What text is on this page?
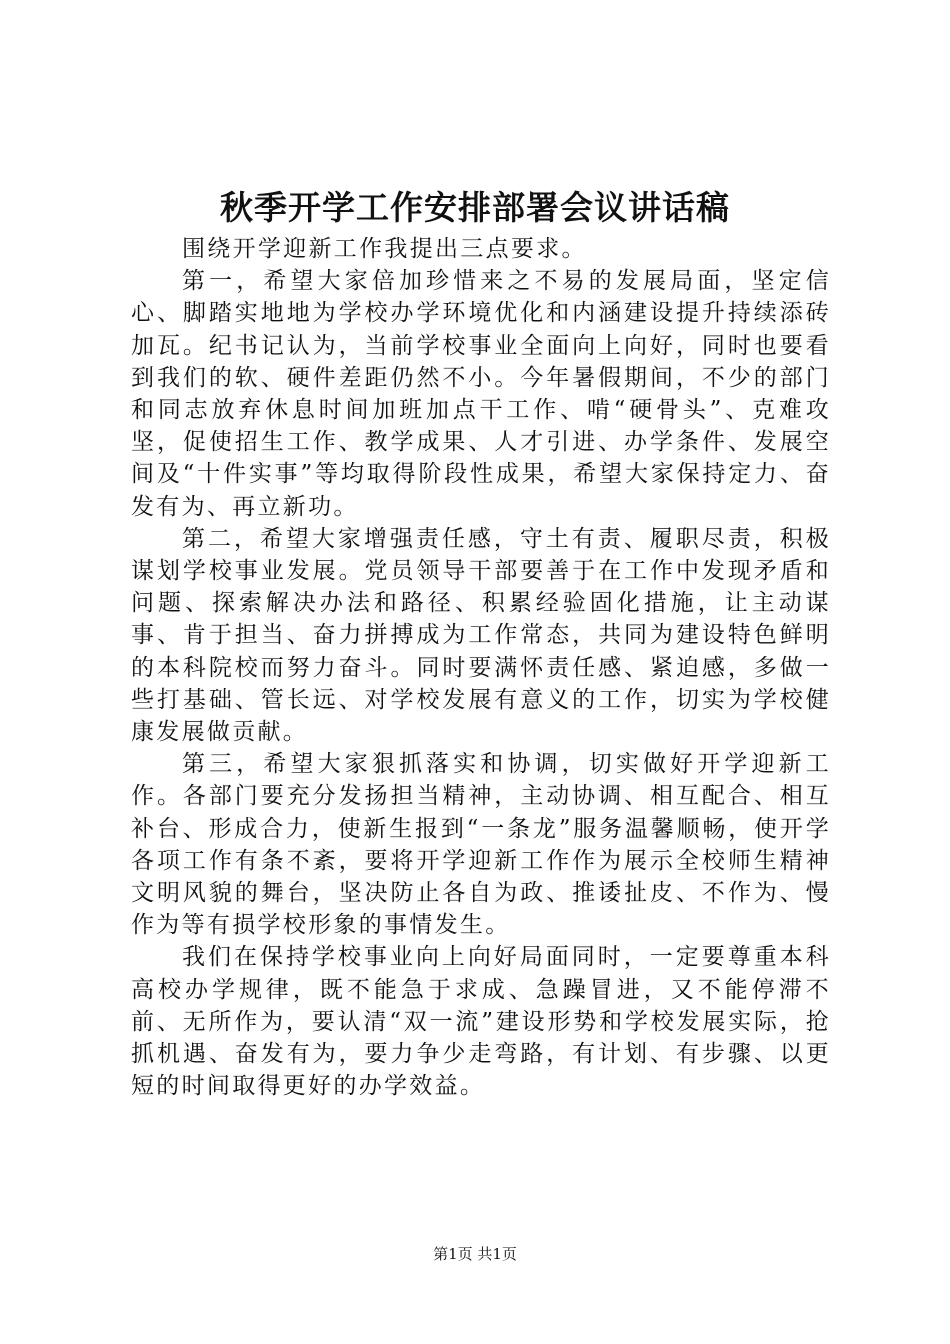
秋季开学工作安排部署会议讲话稿

围绕开学迎新工作我提出三点要求。

第一，希望大家倍加珍惜来之不易的发展局面，坚定信心、脚踏实地地为学校办学环境优化和内涵建设提升持续添砖加瓦。纪书记认为，当前学校事业全面向上向好，同时也要看到我们的软、硬件差距仍然不小。今年暑假期间，不少的部门和同志放弃休息时间加班加点干工作、啃“硬骨头”、克难攻坚，促使招生工作、教学成果、人才引进、办学条件、发展空间及“十件实事”等均取得阶段性成果，希望大家保持定力、奋发有为、再立新功。

第二，希望大家增强责任感，守土有责、履职尽责，积极谋划学校事业发展。党员领导干部要善于在工作中发现矛盾和问题、探索解决办法和路径、积累经验固化措施，让主动谋事、肯于担当、奋力拼搏成为工作常态，共同为建设特色鲜明的本科院校而努力奋斗。同时要满怀责任感、紧迫感，多做一些打基础、管长远、对学校发展有意义的工作，切实为学校健康发展做贡献。

第三，希望大家狠抓落实和协调，切实做好开学迎新工作。各部门要充分发扬担当精神，主动协调、相互配合、相互补台、形成合力，使新生报到“一条龙”服务温馨顺畅，使开学各项工作有条不紊，要将开学迎新工作作为展示全校师生精神文明风貌的舞台，坚决防止各自为政、推诿扯皮、不作为、慢作为等有损学校形象的事情发生。

我们在保持学校事业向上向好局面同时，一定要尊重本科高校办学规律，既不能急于求成、急躁冒进，又不能停滞不前、无所作为，要认清“双一流”建设形势和学校发展实际，抢抓机遇、奋发有为，要力争少走弯路，有计划、有步骤、以更短的时间取得更好的办学效益。

第1页 共1页
